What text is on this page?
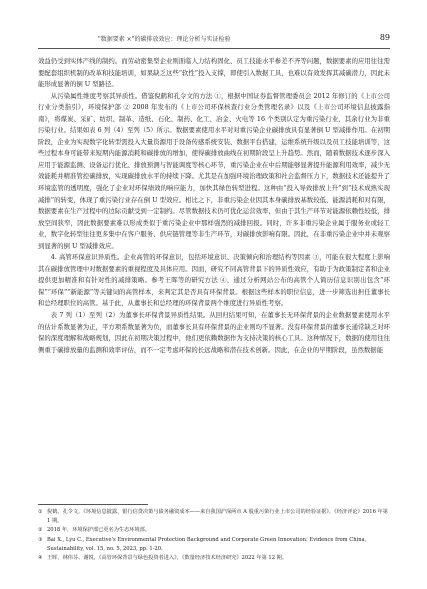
"数据要素 ×"的碳排放效应：理论分析与实证检验	89

效益仍受到实体产线的制约。而劳动密集型企业则面临人力结构固化、员工技能水平参差不齐等问题，数据要素的应用往往需要配套组织机制的改革和技能培训，如果缺乏这些“软性”投入支撑，即使引入数据工具，也难以有效发挥其减碳潜力，因此未能形成显著的倒 U 型路径。

从污染属性维度考察其异质性。借鉴倪鹤和孔令文的方法 ①，根据中国证券监督管理委员会 2012 年修订的《上市公司行业分类指引》，环境保护部 ② 2008 年发布的《上市公司环保核查行业分类管理名录》以及《上市公司环境信息披露指南》，将煤炭、采矿、纺织、制革、造纸、石化、制药、化工、冶金、火电等 16 个类别认定为重污染行业，其余行业为非重污染行业。结果如表 6 列（4）至列（5）所示。数据要素使用水平对对重污染企业碳排放具有显著倒 U 型减排作用。在初期阶段，企业为实现数字化转型需投入大量资源用于设备传感系统安装、数据平台搭建，运维系统升级以及员工技能培训等，这些过程本身可能带来短期内能源消耗和碳排放的增加，使得碳排放曲线在初期阶段呈上升趋势。然而，随着数据技术逐步深入应用于能源监测、设备运行优化、排放预测与智能调度等核心环节，重污染企业在中后期能够显著提升能源利用效率，减少无效能耗并精准管控碳排放，实现碳排放水平的持续下降。尤其是在加强环境治理政策和社会监督压力下，数据技术还能提升了环境监管的透明度，强化了企业对环保绩效的响应能力，加快其绿色转型进程。这种由“投入导致排放上升”到“技术成熟实现减排”的转变，体现了重污染行业存在倒 U 型效应。相比之下，非重污染企业因其本身碳排放基数较低、能源消耗和对有限，数据要素在生产过程中的边际贡献受到一定制约。尽管数据技术仍可优化运营效率，但由于其生产环节对能源依赖性较低，排放空间狭窄，因此数据要素难以形成类似于重污染企业中那样强烈的减排回报。同时，许多非重污染企业属于服务业或轻工业，数字化转型往往更多集中在客户服务、供应链管理等非生产环节，对碳排放影响有限。因此，在非重污染企业中并未观察到显著的倒 U 型减排效应。

4. 高管环保意识异质性。企业高管的环保意识，包括环境意识、决策倾向和治理结构等因素 ③，可能在很大程度上影响其在碳排放管理中对数据要素的重视程度及具体应用。因而，研究不同高管背景下的异质性效应，有助于为政策制定者和企业提供更加精准和有针对性的减排策略。参考王晖等的研究方法 ④，通过分析网站公布的高管个人简历信息识别出包含“环保”“环保”“新能源”等关键词的高管样本，来判定其是否具有环保背景。根据这些样本的职位信息，进一步筛选出担任董事长和总经理职位的高管。基于此，从董事长和总经理的环保背景两个维度进行异质性考察。

表 7 列（1）至列（2）为董事长环保背景异质性结果。从回归结果可知，在董事长无环保背景的企业数据要素使用水平的估计系数显著为正，平方项系数显著为负，而董事长具有环保背景的企业则均不显著。没有环保背景的董事长通常缺乏对环保的深度理解和战略规划，因此在初期决策过程中，他们更依赖数据作为支持决策的核心工具。这种情况下，数据的使用往往侧重于碳排放量的监测和效率评估，而不一定考虑环保的长远战略和潜在技术创新。因此，在企业的早期阶段，虽然数据能

① 倪鹤、孔令文，《环境信息披露、银行信贷决策与债务融资成本——来自我国沪深两市 A 股重污染行业上市公司的经验证据》，《经济评论》2016 年第 1 期。
② 2018 年，环境保护部已更名为生态环境部。
③ Bai X., Lyu C., Executive's Environmental Protection Background and Corporate Green Innovation: Evidence from China, Sustainability, vol. 15, no. 5, 2023, pp. 1-20.
④ 王晖、林伟芬、谢锐，《高管环保背景与绿色投资者进入》，《数量经济技术经济研究》2022 年第 12 期。
